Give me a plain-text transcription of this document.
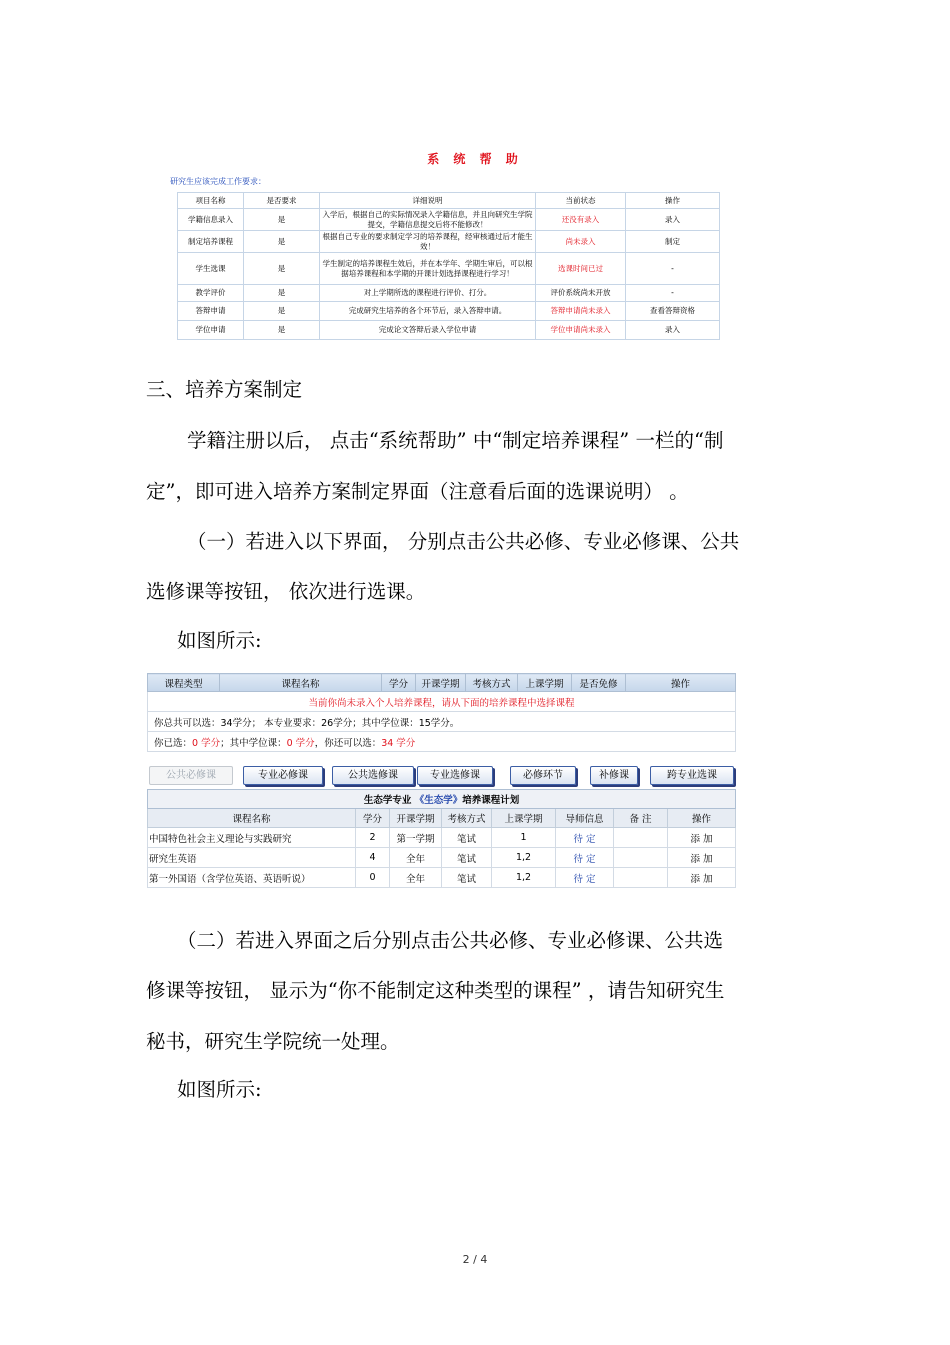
系 统 帮 助
研究生应该完成工作要求：
项目名称	是否要求	详细说明	当前状态	操作
学籍信息录入	是	入学后，根据自己的实际情况录入学籍信息，并且向研究生学院提交，学籍信息提交后将不能修改！	还没有录入	录入
制定培养课程	是	根据自己专业的要求制定学习的培养课程，经审核通过后才能生效！	尚未录入	制定
学生选课	是	学生制定的培养课程生效后，并在本学年、学期生审后，可以根据培养课程和本学期的开课计划选择课程进行学习！	选课时间已过	-
教学评价	是	对上学期所选的课程进行评价、打分。	评价系统尚未开放	-
答辩申请	是	完成研究生培养的各个环节后，录入答辩申请。	答辩申请尚未录入	查看答辩资格
学位申请	是	完成论文答辩后录入学位申请	学位申请尚未录入	录入
三、培养方案制定
学籍注册以后， 点击“系统帮助” 中“制定培养课程” 一栏的“制
定”，即可进入培养方案制定界面（注意看后面的选课说明） 。
（一）若进入以下界面， 分别点击公共必修、专业必修课、公共
选修课等按钮， 依次进行选课。
如图所示:
课程类型	课程名称	学分	开课学期	考核方式	上课学期	是否免修	操作
当前你尚未录入个人培养课程，请从下面的培养课程中选择课程
你总共可以选：34学分； 本专业要求：26学分；其中学位课：15学分。
你已选：0 学分；其中学位课：0 学分，你还可以选：34 学分
公共必修课	专业必修课	公共选修课	专业选修课	必修环节	补修课	跨专业选课
生态学专业 《生态学》培养课程计划							
课程名称	学分	开课学期	考核方式	上课学期	导师信息	备 注	操作
中国特色社会主义理论与实践研究	2	第一学期	笔试	1	待 定		添 加
研究生英语	4	全年	笔试	1,2	待 定		添 加
第一外国语（含学位英语、英语听说）	0	全年	笔试	1,2	待 定		添 加
（二）若进入界面之后分别点击公共必修、专业必修课、公共选
修课等按钮， 显示为“你不能制定这种类型的课程” ，请告知研究生
秘书，研究生学院统一处理。
如图所示:
2 / 4
